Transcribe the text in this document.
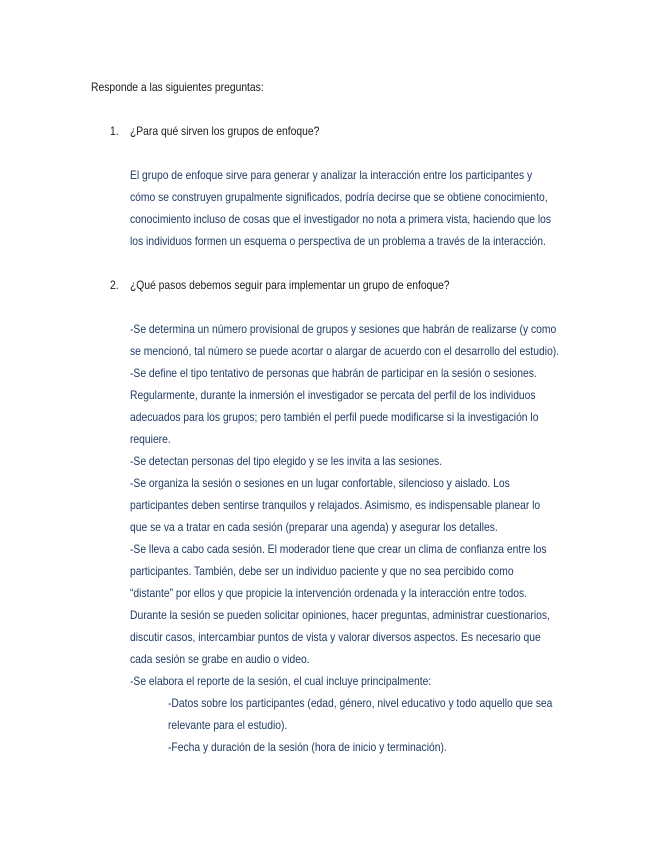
Responde a las siguientes preguntas:
1. ¿Para qué sirven los grupos de enfoque?
El grupo de enfoque sirve para generar y analizar la interacción entre los participantes y
cómo se construyen grupalmente significados, podría decirse que se obtiene conocimiento,
conocimiento incluso de cosas que el investigador no nota a primera vista, haciendo que los
los individuos formen un esquema o perspectiva de un problema a través de la interacción.
2. ¿Qué pasos debemos seguir para implementar un grupo de enfoque?
-Se determina un número provisional de grupos y sesiones que habrán de realizarse (y como
se mencionó, tal número se puede acortar o alargar de acuerdo con el desarrollo del estudio).
-Se define el tipo tentativo de personas que habrán de participar en la sesión o sesiones.
Regularmente, durante la inmersión el investigador se percata del perfil de los individuos
adecuados para los grupos; pero también el perfil puede modificarse si la investigación lo
requiere.
-Se detectan personas del tipo elegido y se les invita a las sesiones.
-Se organiza la sesión o sesiones en un lugar confortable, silencioso y aislado. Los
participantes deben sentirse tranquilos y relajados. Asimismo, es indispensable planear lo
que se va a tratar en cada sesión (preparar una agenda) y asegurar los detalles.
-Se lleva a cabo cada sesión. El moderador tiene que crear un clima de confianza entre los
participantes. También, debe ser un individuo paciente y que no sea percibido como
“distante” por ellos y que propicie la intervención ordenada y la interacción entre todos.
Durante la sesión se pueden solicitar opiniones, hacer preguntas, administrar cuestionarios,
discutir casos, intercambiar puntos de vista y valorar diversos aspectos. Es necesario que
cada sesión se grabe en audio o video.
-Se elabora el reporte de la sesión, el cual incluye principalmente:
-Datos sobre los participantes (edad, género, nivel educativo y todo aquello que sea
relevante para el estudio).
-Fecha y duración de la sesión (hora de inicio y terminación).
